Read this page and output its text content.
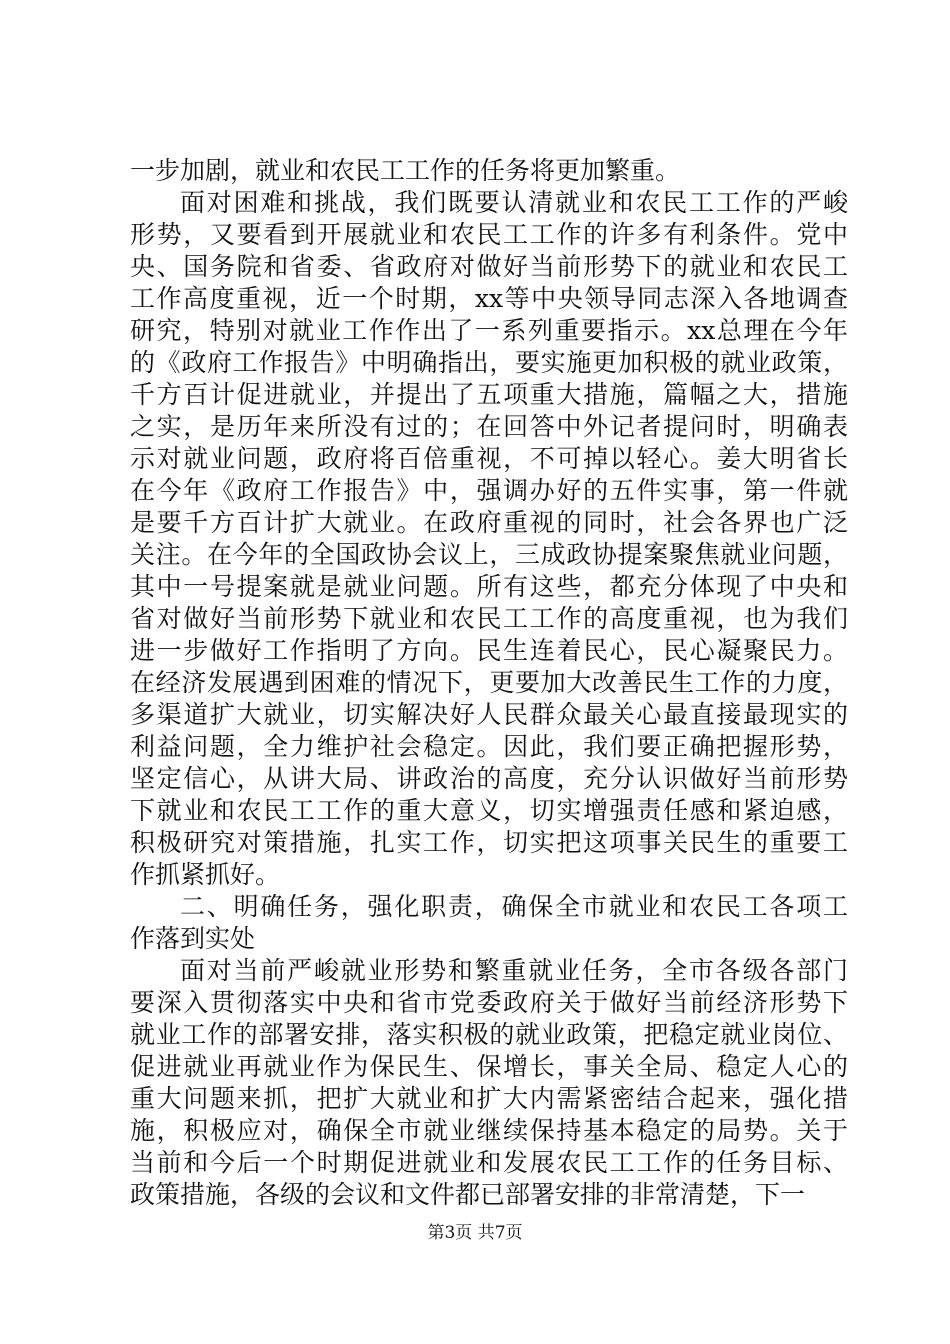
一步加剧，就业和农民工工作的任务将更加繁重。
面对困难和挑战，我们既要认清就业和农民工工作的严峻
形势，又要看到开展就业和农民工工作的许多有利条件。党中
央、国务院和省委、省政府对做好当前形势下的就业和农民工
工作高度重视，近一个时期，xx等中央领导同志深入各地调查
研究，特别对就业工作作出了一系列重要指示。xx总理在今年
的《政府工作报告》中明确指出，要实施更加积极的就业政策，
千方百计促进就业，并提出了五项重大措施，篇幅之大，措施
之实，是历年来所没有过的；在回答中外记者提问时，明确表
示对就业问题，政府将百倍重视，不可掉以轻心。姜大明省长
在今年《政府工作报告》中，强调办好的五件实事，第一件就
是要千方百计扩大就业。在政府重视的同时，社会各界也广泛
关注。在今年的全国政协会议上，三成政协提案聚焦就业问题，
其中一号提案就是就业问题。所有这些，都充分体现了中央和
省对做好当前形势下就业和农民工工作的高度重视，也为我们
进一步做好工作指明了方向。民生连着民心，民心凝聚民力。
在经济发展遇到困难的情况下，更要加大改善民生工作的力度，
多渠道扩大就业，切实解决好人民群众最关心最直接最现实的
利益问题，全力维护社会稳定。因此，我们要正确把握形势，
坚定信心，从讲大局、讲政治的高度，充分认识做好当前形势
下就业和农民工工作的重大意义，切实增强责任感和紧迫感，
积极研究对策措施，扎实工作，切实把这项事关民生的重要工
作抓紧抓好。
二、明确任务，强化职责，确保全市就业和农民工各项工
作落到实处
面对当前严峻就业形势和繁重就业任务，全市各级各部门
要深入贯彻落实中央和省市党委政府关于做好当前经济形势下
就业工作的部署安排，落实积极的就业政策，把稳定就业岗位、
促进就业再就业作为保民生、保增长，事关全局、稳定人心的
重大问题来抓，把扩大就业和扩大内需紧密结合起来，强化措
施，积极应对，确保全市就业继续保持基本稳定的局势。关于
当前和今后一个时期促进就业和发展农民工工作的任务目标、
政策措施，各级的会议和文件都已部署安排的非常清楚，下一
第3页 共7页
